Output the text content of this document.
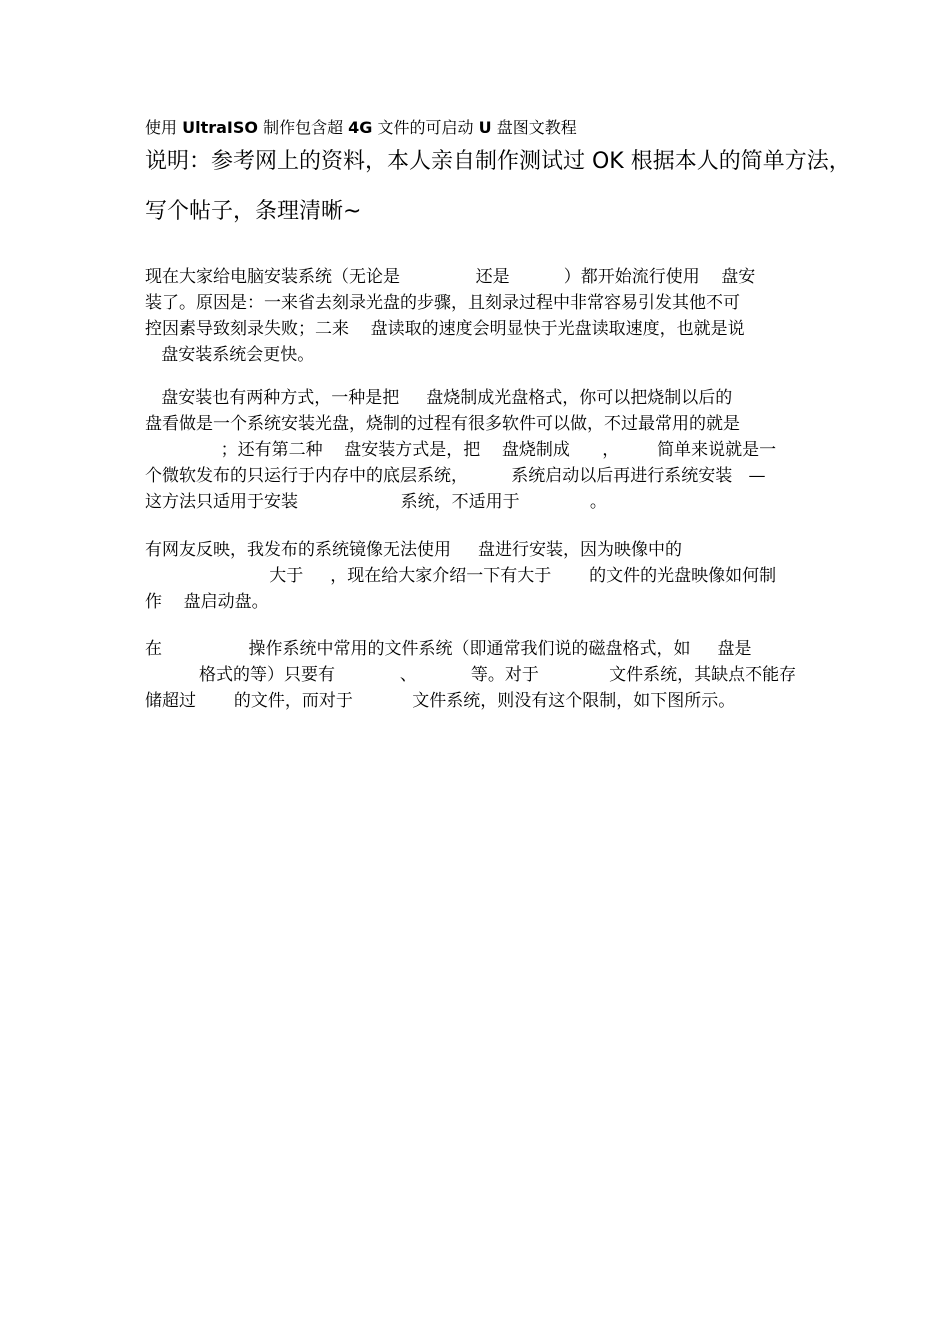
使用 UltraISO 制作包含超 4G 文件的可启动 U 盘图文教程
说明：参考网上的资料，本人亲自制作测试过 OK 根据本人的简单方法，
写个帖子，条理清晰~
现在大家给电脑安装系统（无论是              还是          ）都开始流行使用    盘安
装了。原因是：一来省去刻录光盘的步骤，且刻录过程中非常容易引发其他不可
控因素导致刻录失败；二来    盘读取的速度会明显快于光盘读取速度，也就是说
盘安装系统会更快。
盘安装也有两种方式，一种是把     盘烧制成光盘格式，你可以把烧制以后的
盘看做是一个系统安装光盘，烧制的过程有很多软件可以做，不过最常用的就是
；还有第二种    盘安装方式是，把    盘烧制成      ，       简单来说就是一
个微软发布的只运行于内存中的底层系统，        系统启动以后再进行系统安装   —
这方法只适用于安装                   系统，不适用于             。
有网友反映，我发布的系统镜像无法使用     盘进行安装，因为映像中的
大于     ，现在给大家介绍一下有大于       的文件的光盘映像如何制
作    盘启动盘。
在                操作系统中常用的文件系统（即通常我们说的磁盘格式，如     盘是
格式的等）只要有            、          等。对于             文件系统，其缺点不能存
储超过       的文件，而对于           文件系统，则没有这个限制，如下图所示。
